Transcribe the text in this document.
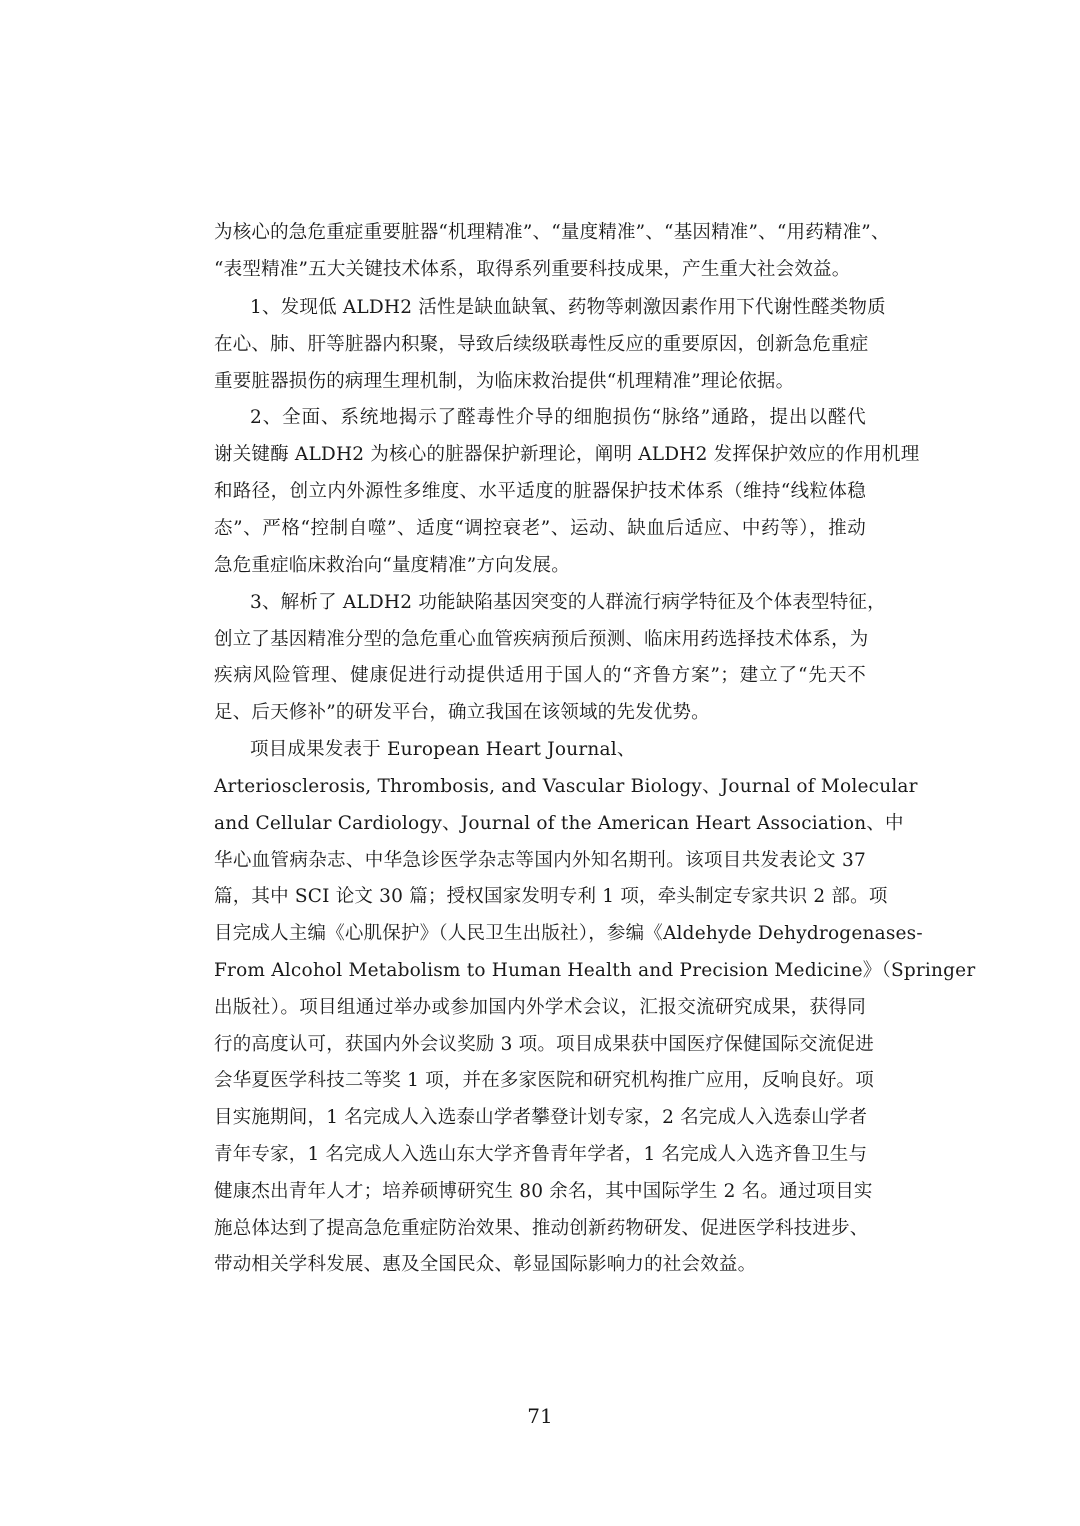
为核心的急危重症重要脏器“机理精准”、“量度精准”、“基因精准”、“用药精准”、
“表型精准”五大关键技术体系，取得系列重要科技成果，产生重大社会效益。
1、发现低 ALDH2 活性是缺血缺氧、药物等刺激因素作用下代谢性醛类物质
在心、肺、肝等脏器内积聚，导致后续级联毒性反应的重要原因，创新急危重症
重要脏器损伤的病理生理机制，为临床救治提供“机理精准”理论依据。
2、全面、系统地揭示了醛毒性介导的细胞损伤“脉络”通路，提出以醛代
谢关键酶 ALDH2 为核心的脏器保护新理论，阐明 ALDH2 发挥保护效应的作用机理
和路径，创立内外源性多维度、水平适度的脏器保护技术体系（维持“线粒体稳
态”、严格“控制自噬”、适度“调控衰老”、运动、缺血后适应、中药等），推动
急危重症临床救治向“量度精准”方向发展。
3、解析了 ALDH2 功能缺陷基因突变的人群流行病学特征及个体表型特征，
创立了基因精准分型的急危重心血管疾病预后预测、临床用药选择技术体系，为
疾病风险管理、健康促进行动提供适用于国人的“齐鲁方案”；建立了“先天不
足、后天修补”的研发平台，确立我国在该领域的先发优势。
项目成果发表于 European Heart Journal、
Arteriosclerosis, Thrombosis, and Vascular Biology、Journal of Molecular
and Cellular Cardiology、Journal of the American Heart Association、中
华心血管病杂志、中华急诊医学杂志等国内外知名期刊。该项目共发表论文 37
篇，其中 SCI 论文 30 篇；授权国家发明专利 1 项，牵头制定专家共识 2 部。项
目完成人主编《心肌保护》（人民卫生出版社），参编《Aldehyde Dehydrogenases-
From Alcohol Metabolism to Human Health and Precision Medicine》（Springer
出版社）。项目组通过举办或参加国内外学术会议，汇报交流研究成果，获得同
行的高度认可，获国内外会议奖励 3 项。项目成果获中国医疗保健国际交流促进
会华夏医学科技二等奖 1 项，并在多家医院和研究机构推广应用，反响良好。项
目实施期间，1 名完成人入选泰山学者攀登计划专家，2 名完成人入选泰山学者
青年专家，1 名完成人入选山东大学齐鲁青年学者，1 名完成人入选齐鲁卫生与
健康杰出青年人才；培养硕博研究生 80 余名，其中国际学生 2 名。通过项目实
施总体达到了提高急危重症防治效果、推动创新药物研发、促进医学科技进步、
带动相关学科发展、惠及全国民众、彰显国际影响力的社会效益。
71
